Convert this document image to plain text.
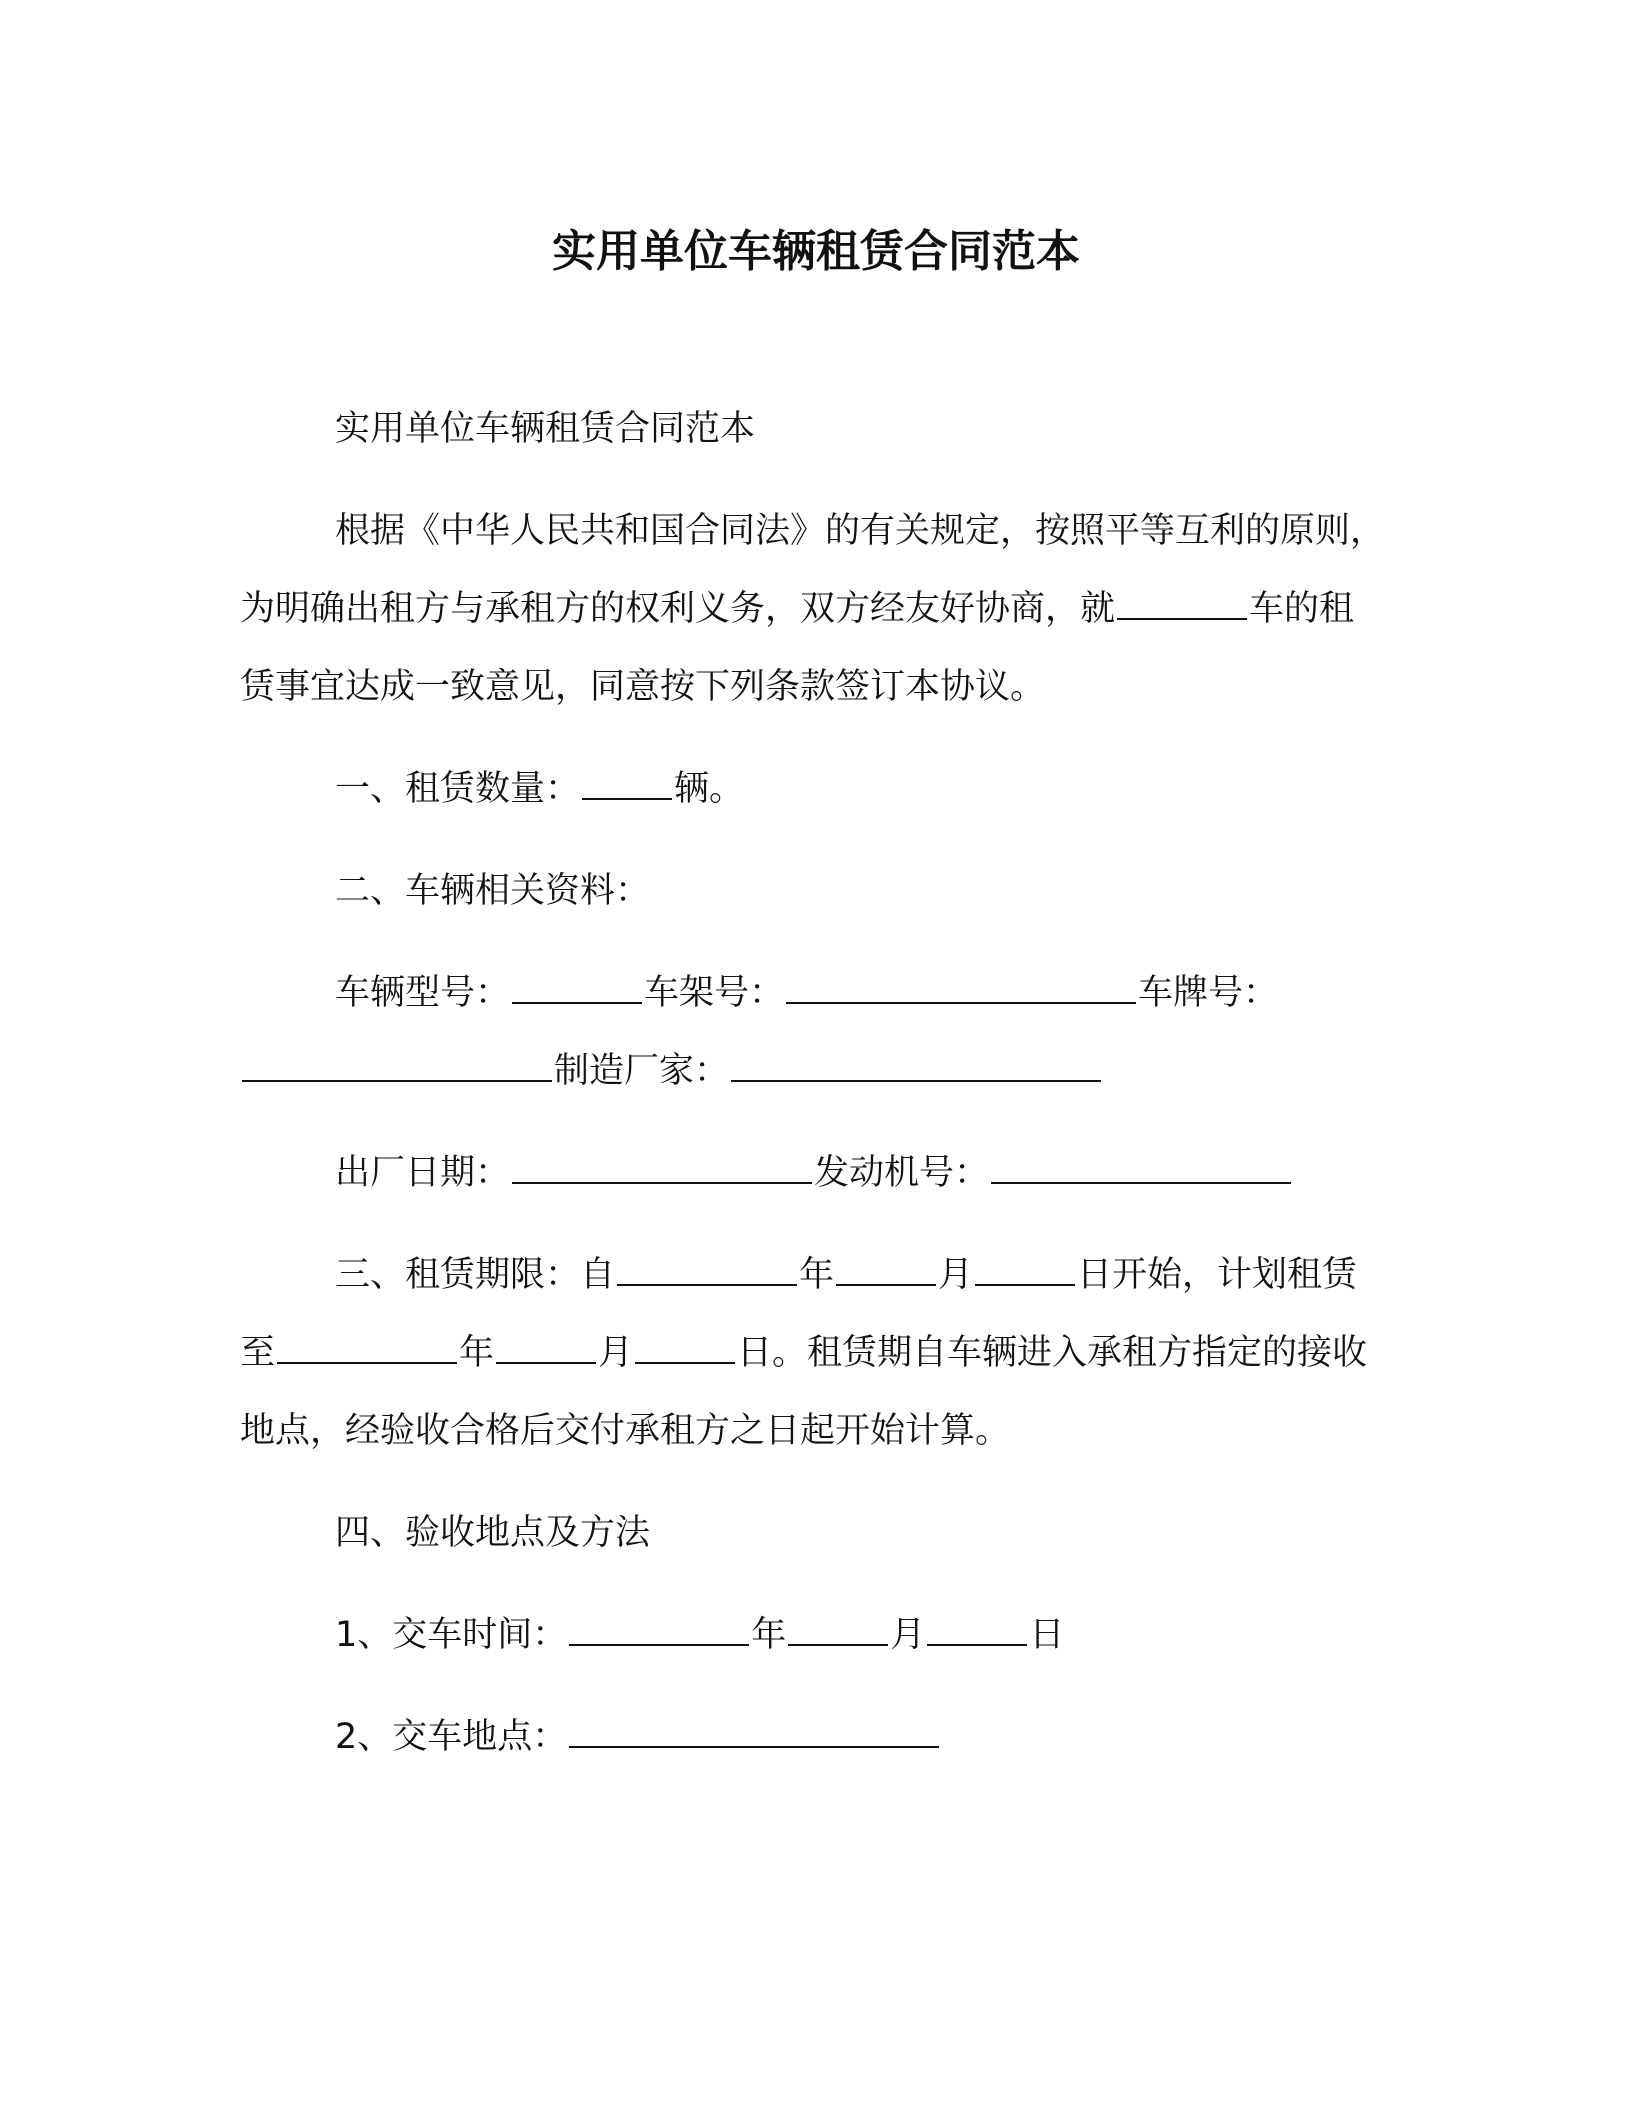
实用单位车辆租赁合同范本

实用单位车辆租赁合同范本

根据《中华人民共和国合同法》的有关规定，按照平等互利的原则，为明确出租方与承租方的权利义务，双方经友好协商，就	车的租赁事宜达成一致意见，同意按下列条款签订本协议。

一、租赁数量：	辆。

二、车辆相关资料：

车辆型号：	车架号：	车牌号：制造厂家：

出厂日期：	发动机号：

三、租赁期限：自	年	月	日开始，计划租赁至	年	月	日。租赁期自车辆进入承租方指定的接收地点，经验收合格后交付承租方之日起开始计算。

四、验收地点及方法

1、交车时间：	年	月	日

2、交车地点：
